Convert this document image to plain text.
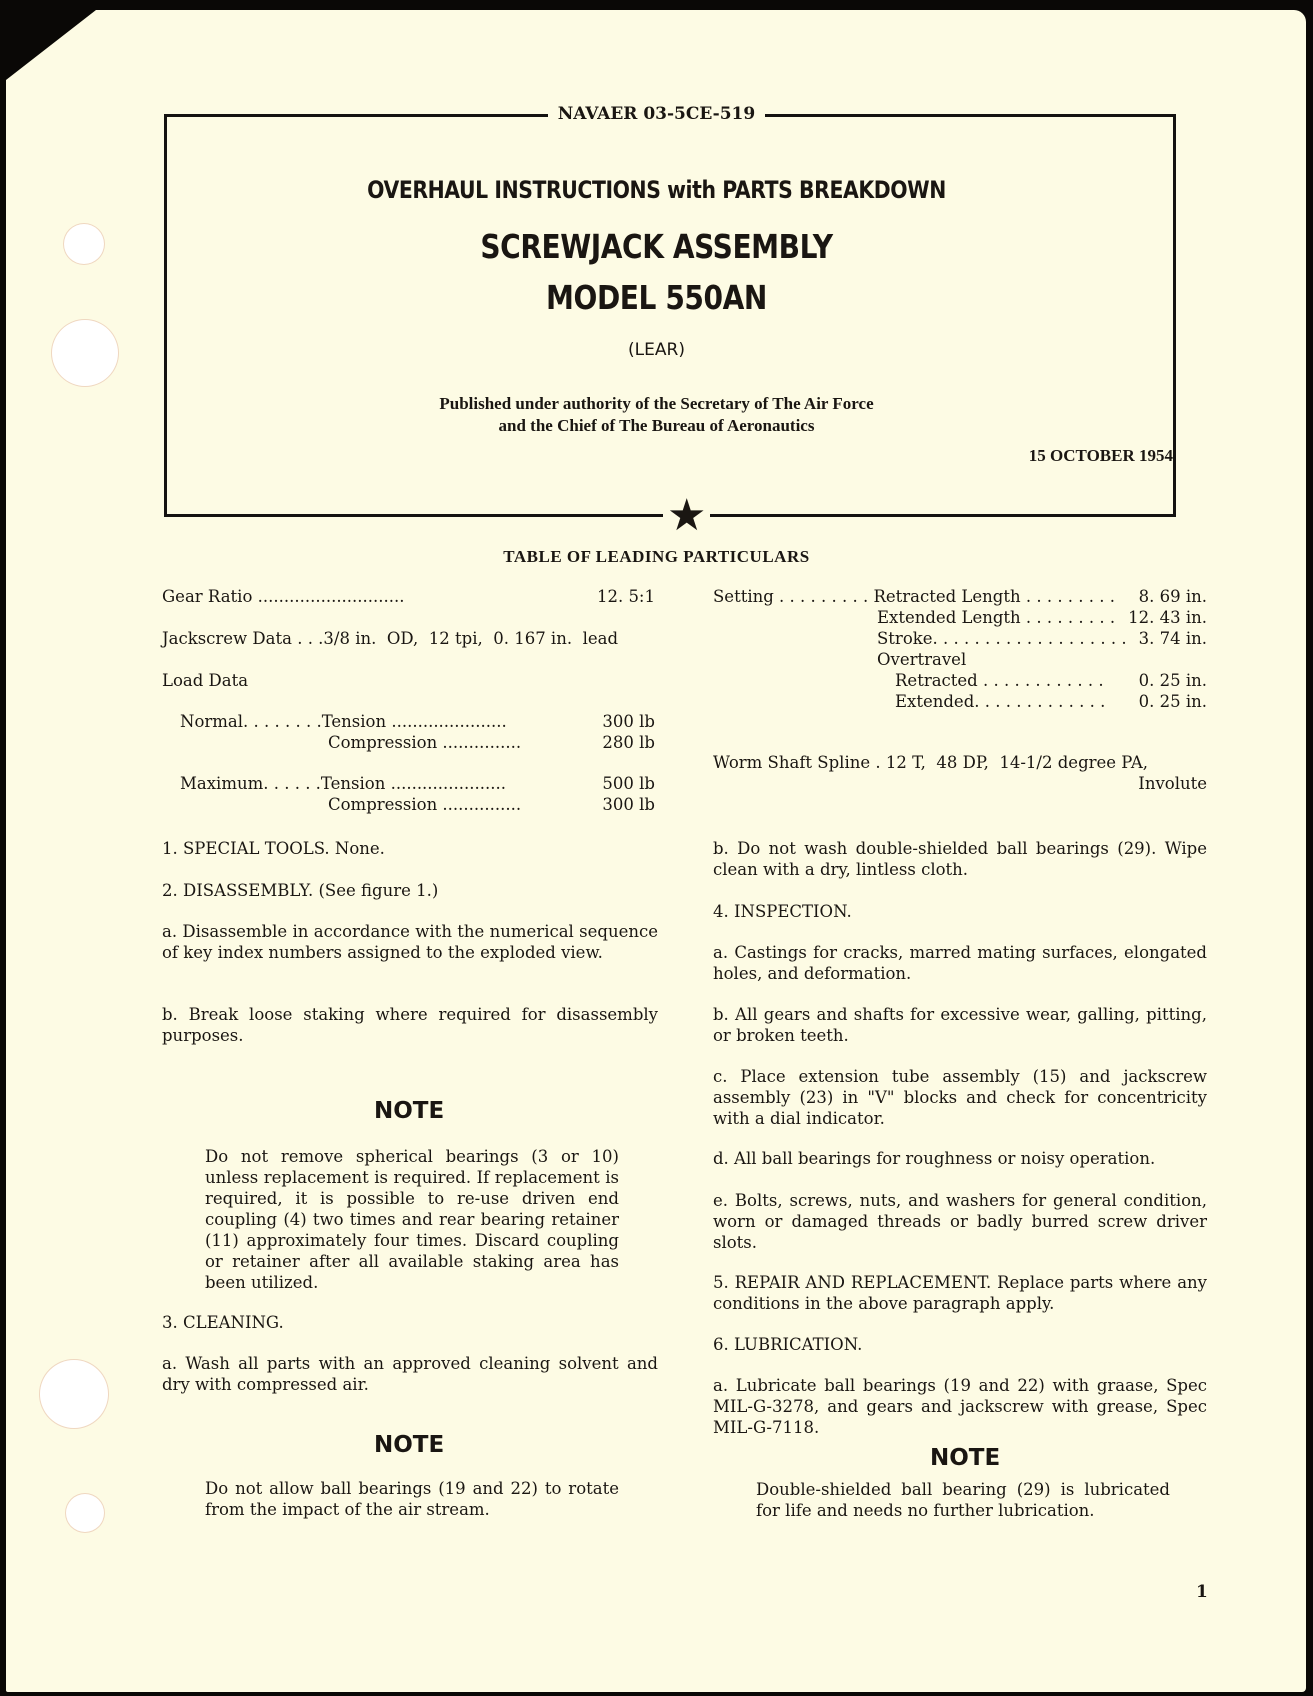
NAVAER 03-5CE-519
OVERHAUL INSTRUCTIONS with PARTS BREAKDOWN
SCREWJACK ASSEMBLY
MODEL 550AN
(LEAR)
Published under authority of the Secretary of The Air Force
and the Chief of The Bureau of Aeronautics
15 OCTOBER 1954
★
TABLE OF LEADING PARTICULARS
Gear Ratio ............................	12. 5:1
Jackscrew Data . . .3/8 in.  OD,  12 tpi,  0. 167 in.  lead
Load Data
Normal. . . . . . . .Tension ......................	300 lb
Compression ...............	280 lb
Maximum. . . . . .Tension ......................	500 lb
Compression ...............	300 lb
Setting . . . . . . . . . Retracted Length . . . . . . . . .	8. 69 in.
Extended Length . . . . . . . . . 12. 43 in.
Stroke. . . . . . . . . . . . . . . . . . . 3. 74 in.
Overtravel
Retracted . . . . . . . . . . . .	0. 25 in.
Extended. . . . . . . . . . . . .	0. 25 in.
Worm Shaft Spline . 12 T,  48 DP,  14-1/2 degree PA,
Involute
1. SPECIAL TOOLS. None.
2. DISASSEMBLY. (See figure 1.)
a. Disassemble in accordance with the numerical sequence of key index numbers assigned to the exploded view.
b. Break loose staking where required for disassembly purposes.
NOTE
Do not remove spherical bearings (3 or 10) unless replacement is required. If replacement is required, it is possible to re-use driven end coupling (4) two times and rear bearing retainer (11) approximately four times. Discard coupling or retainer after all available staking area has been utilized.
3. CLEANING.
a. Wash all parts with an approved cleaning solvent and dry with compressed air.
NOTE
Do not allow ball bearings (19 and 22) to rotate from the impact of the air stream.
b. Do not wash double-shielded ball bearings (29). Wipe clean with a dry, lintless cloth.
4. INSPECTION.
a. Castings for cracks, marred mating surfaces, elongated holes, and deformation.
b. All gears and shafts for excessive wear, galling, pitting, or broken teeth.
c. Place extension tube assembly (15) and jackscrew assembly (23) in "V" blocks and check for concentricity with a dial indicator.
d. All ball bearings for roughness or noisy operation.
e. Bolts, screws, nuts, and washers for general condition, worn or damaged threads or badly burred screw driver slots.
5. REPAIR AND REPLACEMENT. Replace parts where any conditions in the above paragraph apply.
6. LUBRICATION.
a. Lubricate ball bearings (19 and 22) with graase, Spec MIL-G-3278, and gears and jackscrew with grease, Spec MIL-G-7118.
NOTE
Double-shielded ball bearing (29) is lubricated for life and needs no further lubrication.
1
